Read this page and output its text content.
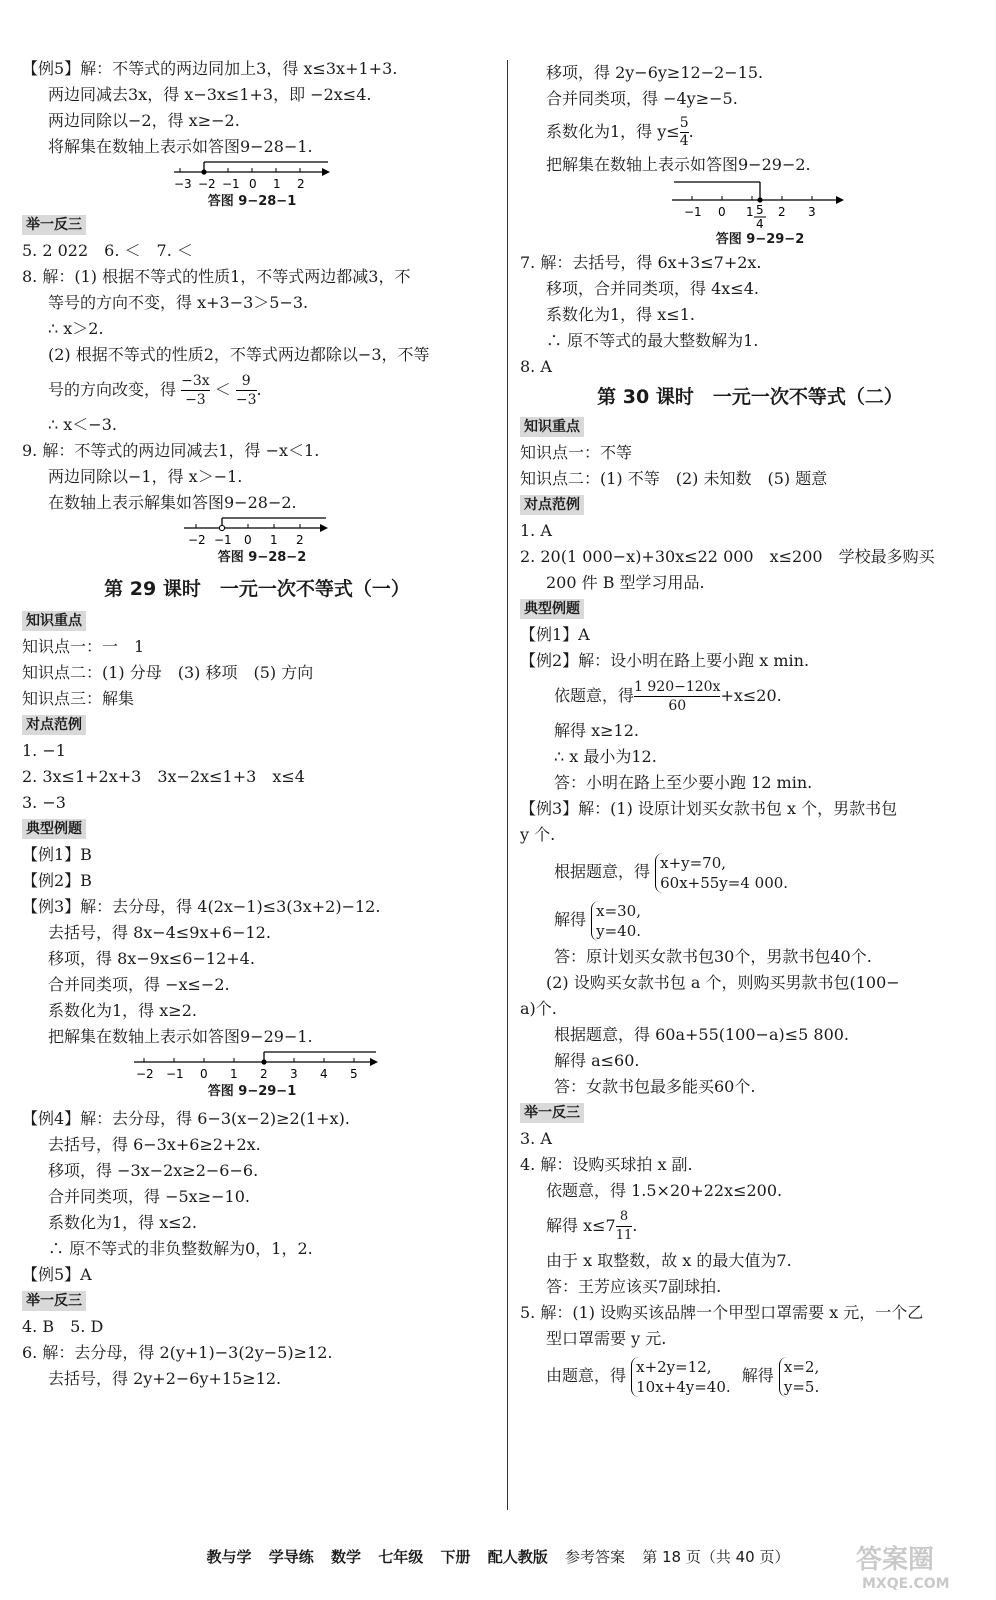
【例5】解：不等式的两边同加上3，得 x≤3x+1+3.
两边同减去3x，得 x−3x≤1+3，即 −2x≤4.
两边同除以−2，得 x≥−2.
将解集在数轴上表示如答图9−28−1.
−3 −2 −1 0 1 2
答图 9−28−1
举一反三
5. 2 022　6. ＜　7. ＜
8. 解：(1) 根据不等式的性质1，不等式两边都减3，不
等号的方向不变，得 x+3−3＞5−3.
∴ x＞2.
(2) 根据不等式的性质2，不等式两边都除以−3，不等
号的方向改变，得 $\frac{-3x}{-3} < \frac{9}{-3}$ .
∴ x＜−3.
9. 解：不等式的两边同减去1，得 −x＜1.
两边同除以−1，得 x＞−1.
在数轴上表示解集如答图9−28−2.
−2 −1 0 1 2
答图 9−28−2
第 29 课时　一元一次不等式（一）
知识重点
知识点一：一　1
知识点二：(1) 分母　(3) 移项　(5) 方向
知识点三：解集
对点范例
1. −1
2. 3x≤1+2x+3　3x−2x≤1+3　x≤4
3. −3
典型例题
【例1】B
【例2】B
【例3】解：去分母，得 4(2x−1)≤3(3x+2)−12.
去括号，得 8x−4≤9x+6−12.
移项，得 8x−9x≤6−12+4.
合并同类项，得 −x≤−2.
系数化为1，得 x≥2.
把解集在数轴上表示如答图9−29−1.
−2 −1 0 1 2 3 4 5
答图 9−29−1
【例4】解：去分母，得 6−3(x−2)≥2(1+x).
去括号，得 6−3x+6≥2+2x.
移项，得 −3x−2x≥2−6−6.
合并同类项，得 −5x≥−10.
系数化为1，得 x≤2.
∴ 原不等式的非负整数解为0，1，2.
【例5】A
举一反三
4. B　5. D
6. 解：去分母，得 2(y+1)−3(2y−5)≥12.
去括号，得 2y+2−6y+15≥12.
移项，得 2y−6y≥12−2−15.
合并同类项，得 −4y≥−5.
系数化为1，得 $y\le \frac{5}{4}$ .
把解集在数轴上表示如答图9−29−2.
−1 0 1 2 3
5
4
答图 9−29−2
7. 解：去括号，得 6x+3≤7+2x.
移项，合并同类项，得 4x≤4.
系数化为1，得 x≤1.
∴ 原不等式的最大整数解为1.
8. A
第 30 课时　一元一次不等式（二）
知识重点
知识点一：不等
知识点二：(1) 不等　(2) 未知数　(5) 题意
对点范例
1. A
2. 20(1 000−x)+30x≤22 000　x≤200　学校最多购买
200 件 B 型学习用品.
典型例题
【例1】A
【例2】解：设小明在路上要小跑 x min.
依题意，得 $\frac{1 920-120x}{60} +x\le 20$.
解得 x≥12.
∴ x 最小为12.
答：小明在路上至少要小跑 12 min.
【例3】解：(1) 设原计划买女款书包 x 个，男款书包
y 个.
根据题意，得 x+y=70,
60x+55y=4 000.
解得 x=30,
y=40.
答：原计划买女款书包30个，男款书包40个.
(2) 设购买女款书包 a 个，则购买男款书包(100−
a)个.
根据题意，得 60a+55(100−a)≤5 800.
解得 a≤60.
答：女款书包最多能买60个.
举一反三
3. A
4. 解：设购买球拍 x 副.
依题意，得 1.5×20+22x≤200.
解得 $x\le 7 \frac{8}{11}$ .
由于 x 取整数，故 x 的最大值为7.
答：王芳应该买7副球拍.
5. 解：(1) 设购买该品牌一个甲型口罩需要 x 元，一个乙
型口罩需要 y 元.
由题意，得 x+2y=12,
10x+4y=40.
解得 x=2,
y=5.
教与学 学导练 数学 七年级 下册 配人教版 参考答案 第 18 页（共 40 页）	答案圈
MXQE.COM
